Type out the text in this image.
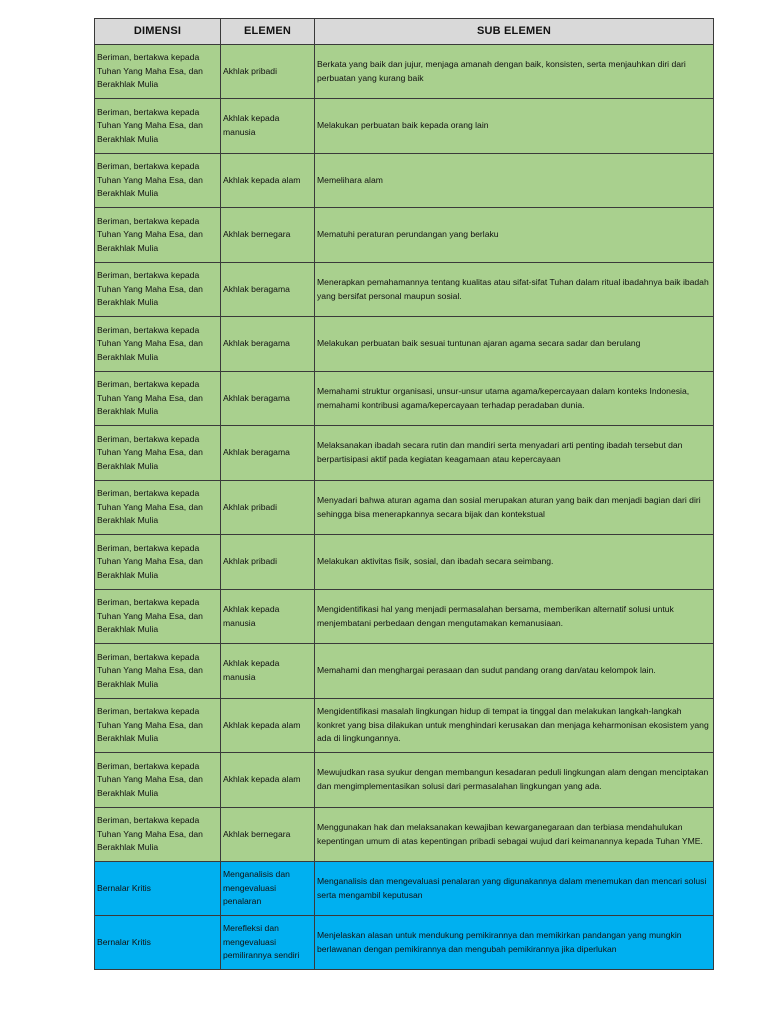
DIMENSI	ELEMEN	SUB ELEMEN
Beriman, bertakwa kepada Tuhan Yang Maha Esa, dan Berakhlak Mulia	Akhlak pribadi	Berkata yang baik dan jujur, menjaga amanah dengan baik, konsisten, serta menjauhkan diri dari perbuatan yang kurang baik
Beriman, bertakwa kepada Tuhan Yang Maha Esa, dan Berakhlak Mulia	Akhlak kepada manusia	Melakukan perbuatan baik kepada orang lain
Beriman, bertakwa kepada Tuhan Yang Maha Esa, dan Berakhlak Mulia	Akhlak kepada alam	Memelihara alam
Beriman, bertakwa kepada Tuhan Yang Maha Esa, dan Berakhlak Mulia	Akhlak bernegara	Mematuhi peraturan perundangan yang berlaku
Beriman, bertakwa kepada Tuhan Yang Maha Esa, dan Berakhlak Mulia	Akhlak beragama	Menerapkan pemahamannya tentang kualitas atau sifat-sifat Tuhan dalam ritual ibadahnya baik ibadah yang bersifat personal maupun sosial.
Beriman, bertakwa kepada Tuhan Yang Maha Esa, dan Berakhlak Mulia	Akhlak beragama	Melakukan perbuatan baik sesuai tuntunan ajaran agama secara sadar dan berulang
Beriman, bertakwa kepada Tuhan Yang Maha Esa, dan Berakhlak Mulia	Akhlak beragama	Memahami struktur organisasi, unsur-unsur utama agama/kepercayaan dalam konteks Indonesia, memahami kontribusi agama/kepercayaan terhadap peradaban dunia.
Beriman, bertakwa kepada Tuhan Yang Maha Esa, dan Berakhlak Mulia	Akhlak beragama	Melaksanakan ibadah secara rutin dan mandiri serta menyadari arti penting ibadah tersebut dan berpartisipasi aktif pada kegiatan keagamaan atau kepercayaan
Beriman, bertakwa kepada Tuhan Yang Maha Esa, dan Berakhlak Mulia	Akhlak pribadi	Menyadari bahwa aturan agama dan sosial merupakan aturan yang baik dan menjadi bagian dari diri sehingga bisa menerapkannya secara bijak dan kontekstual
Beriman, bertakwa kepada Tuhan Yang Maha Esa, dan Berakhlak Mulia	Akhlak pribadi	Melakukan aktivitas fisik, sosial, dan ibadah secara seimbang.
Beriman, bertakwa kepada Tuhan Yang Maha Esa, dan Berakhlak Mulia	Akhlak kepada manusia	Mengidentifikasi hal yang menjadi permasalahan bersama, memberikan alternatif solusi untuk menjembatani perbedaan dengan mengutamakan kemanusiaan.
Beriman, bertakwa kepada Tuhan Yang Maha Esa, dan Berakhlak Mulia	Akhlak kepada manusia	Memahami dan menghargai perasaan dan sudut pandang orang dan/atau kelompok lain.
Beriman, bertakwa kepada Tuhan Yang Maha Esa, dan Berakhlak Mulia	Akhlak kepada alam	Mengidentifikasi masalah lingkungan hidup di tempat ia tinggal dan melakukan langkah-langkah konkret yang bisa dilakukan untuk menghindari kerusakan dan menjaga keharmonisan ekosistem yang ada di lingkungannya.
Beriman, bertakwa kepada Tuhan Yang Maha Esa, dan Berakhlak Mulia	Akhlak kepada alam	Mewujudkan rasa syukur dengan membangun kesadaran peduli lingkungan alam dengan menciptakan dan mengimplementasikan solusi dari permasalahan lingkungan yang ada.
Beriman, bertakwa kepada Tuhan Yang Maha Esa, dan Berakhlak Mulia	Akhlak bernegara	Menggunakan hak dan melaksanakan kewajiban kewarganegaraan dan terbiasa mendahulukan kepentingan umum di atas kepentingan pribadi sebagai wujud dari keimanannya kepada Tuhan YME.
Bernalar Kritis	Menganalisis dan mengevaluasi penalaran	Menganalisis dan mengevaluasi penalaran yang digunakannya dalam menemukan dan mencari solusi serta mengambil keputusan
Bernalar Kritis	Merefleksi dan mengevaluasi pemilirannya sendiri	Menjelaskan alasan untuk mendukung pemikirannya dan memikirkan pandangan yang mungkin berlawanan dengan pemikirannya dan mengubah pemikirannya jika diperlukan
